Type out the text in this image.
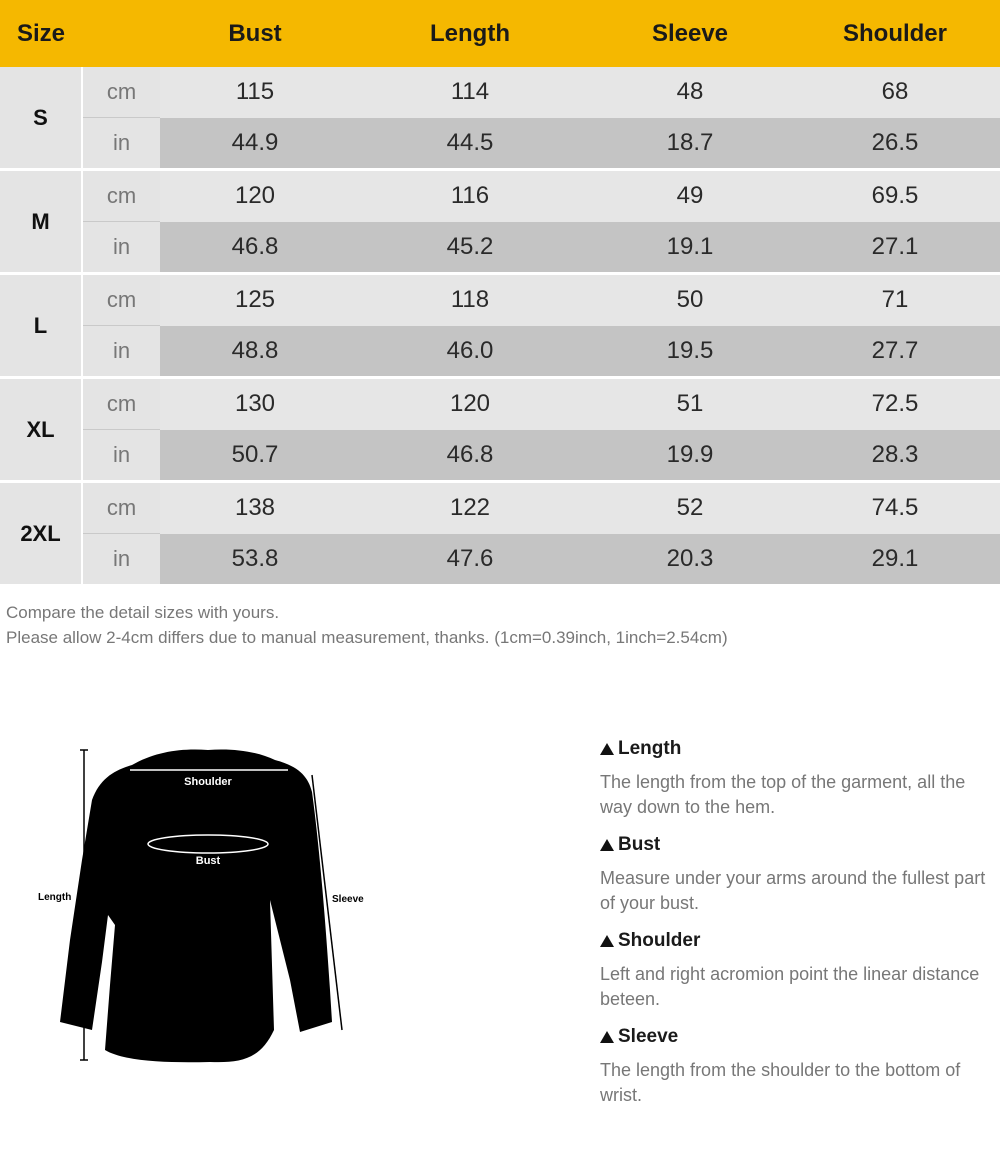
Size		Bust	Length	Sleeve	Shoulder
S	cm	115	114	48	68
	in	44.9	44.5	18.7	26.5
M	cm	120	116	49	69.5
	in	46.8	45.2	19.1	27.1
L	cm	125	118	50	71
	in	48.8	46.0	19.5	27.7
XL	cm	130	120	51	72.5
	in	50.7	46.8	19.9	28.3
2XL	cm	138	122	52	74.5
	in	53.8	47.6	20.3	29.1
Compare the detail sizes with yours.
Please allow 2-4cm differs due to manual measurement, thanks. (1cm=0.39inch, 1inch=2.54cm)
Shoulder
Bust
Length	Sleeve
Length

The length from the top of the garment, all the way down to the hem.

Bust

Measure under your arms around the fullest part of your bust.

Shoulder

Left and right acromion point the linear distance beteen.

Sleeve

The length from the shoulder to the bottom of wrist.
